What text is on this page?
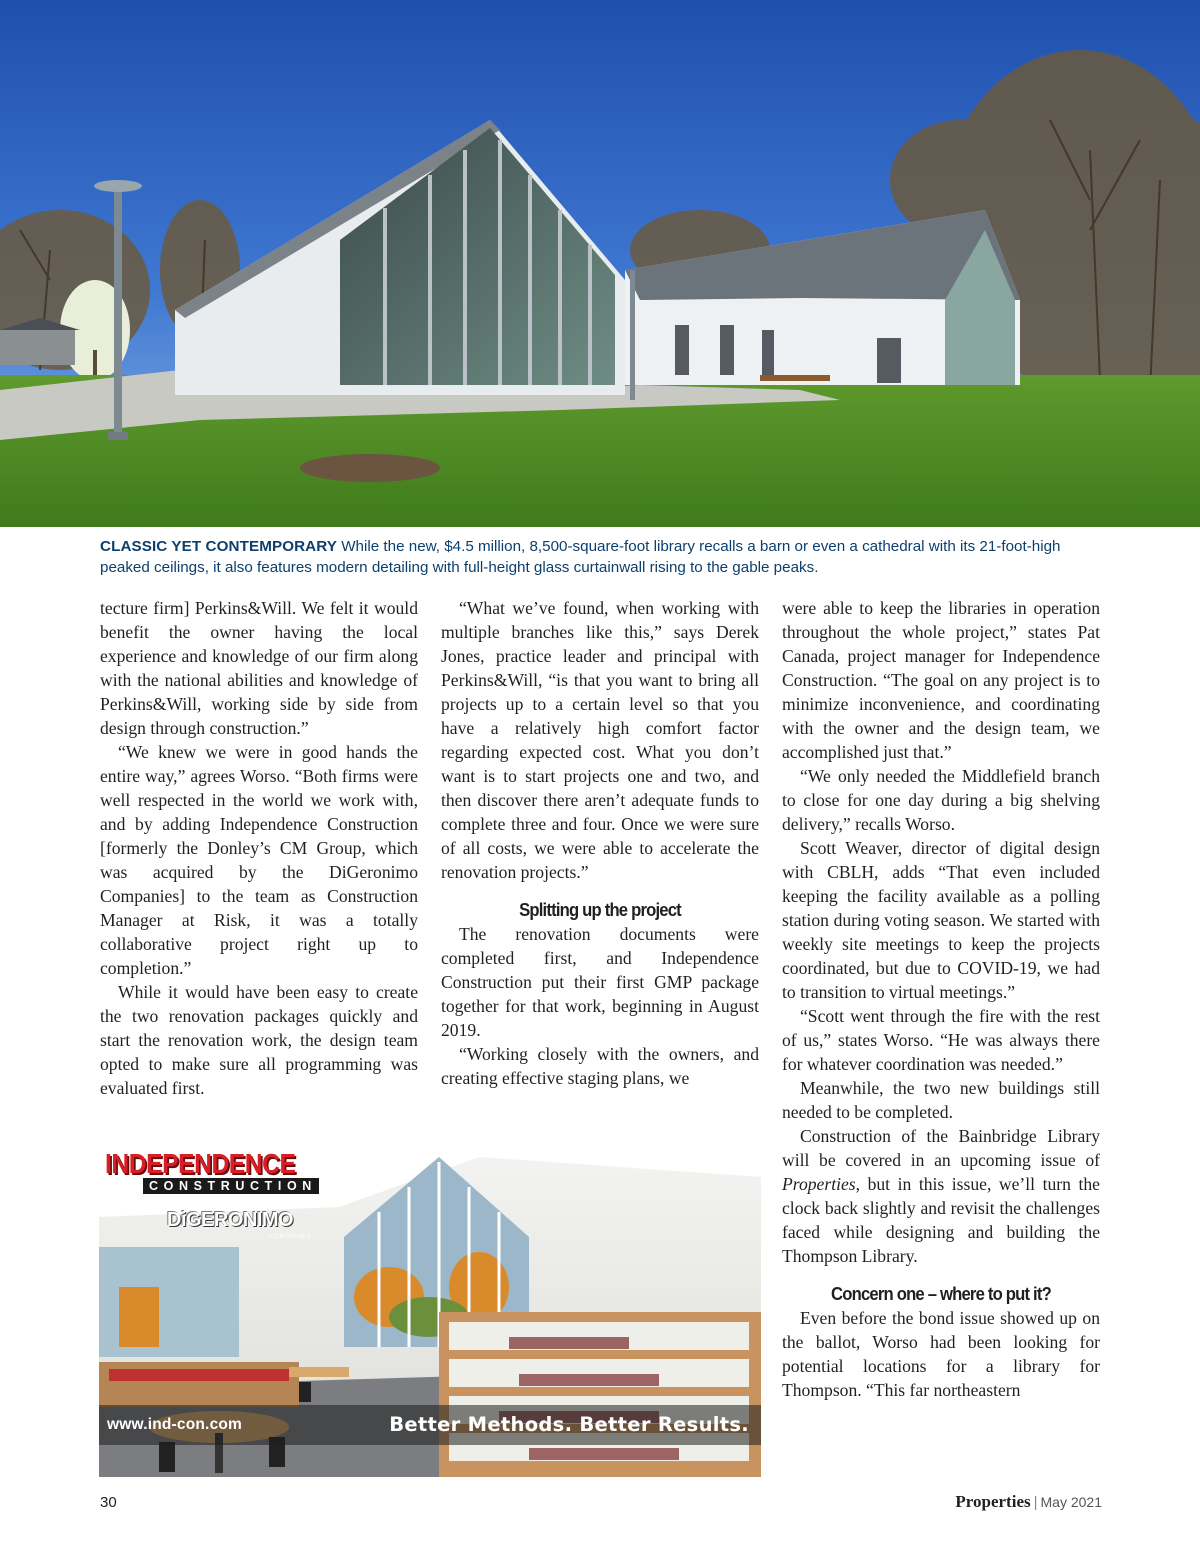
CLASSIC YET CONTEMPORARY While the new, $4.5 million, 8,500-square-foot library recalls a barn or even a cathedral with its 21-foot-high peaked ceilings, it also features modern detailing with full-height glass curtainwall rising to the gable peaks.

tecture firm] Perkins&Will. We felt it would benefit the owner having the local experience and knowledge of our firm along with the national abilities and knowledge of Perkins&Will, working side by side from design through construction.”

“We knew we were in good hands the entire way,” agrees Worso. “Both firms were well respected in the world we work with, and by adding Independence Construction [formerly the Donley’s CM Group, which was acquired by the DiGeronimo Companies] to the team as Construction Manager at Risk, it was a totally collaborative project right up to completion.”

While it would have been easy to create the two renovation packages quickly and start the renovation work, the design team opted to make sure all programming was evaluated first.

“What we’ve found, when working with multiple branches like this,” says Derek Jones, practice leader and principal with Perkins&Will, “is that you want to bring all projects up to a certain level so that you have a relatively high comfort factor regarding expected cost. What you don’t want is to start projects one and two, and then discover there aren’t adequate funds to complete three and four. Once we were sure of all costs, we were able to accelerate the renovation projects.”

Splitting up the project

The renovation documents were completed first, and Independence Construction put their first GMP package together for that work, beginning in August 2019.

“Working closely with the owners, and creating effective staging plans, we

were able to keep the libraries in operation throughout the whole project,” states Pat Canada, project manager for Independence Construction. “The goal on any project is to minimize inconvenience, and coordinating with the owner and the design team, we accomplished just that.”

“We only needed the Middlefield branch to close for one day during a big shelving delivery,” recalls Worso.

Scott Weaver, director of digital design with CBLH, adds “That even included keeping the facility available as a polling station during voting season. We started with weekly site meetings to keep the projects coordinated, but due to COVID-19, we had to transition to virtual meetings.”

“Scott went through the fire with the rest of us,” states Worso. “He was always there for whatever coordination was needed.”

Meanwhile, the two new buildings still needed to be completed.

Construction of the Bainbridge Library will be covered in an upcoming issue of Properties, but in this issue, we’ll turn the clock back slightly and revisit the challenges faced while designing and building the Thompson Library.

Concern one – where to put it?

Even before the bond issue showed up on the ballot, Worso had been looking for potential locations for a library for Thompson. “This far northeastern

INDEPENDENCE
CONSTRUCTION
DiGERONIMO
COMPANIES
www.ind-con.com	Better Methods. Better Results.
30	Properties | May 2021
